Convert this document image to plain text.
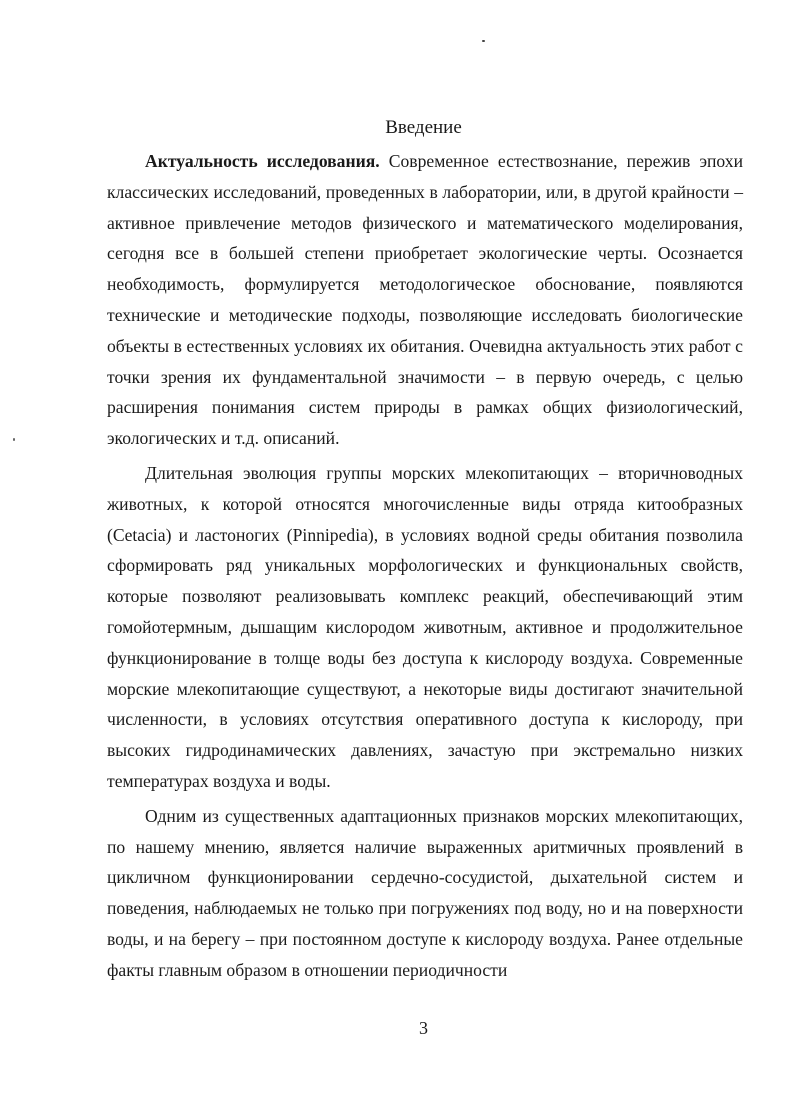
Введение

Актуальность исследования. Современное естествознание, пережив эпохи классических исследований, проведенных в лаборатории, или, в другой крайности – активное привлечение методов физического и математического моделирования, сегодня все в большей степени приобретает экологические черты. Осознается необходимость, формулируется методологическое обоснование, появляются технические и методические подходы, позволяющие исследовать биологические объекты в естественных условиях их обитания. Очевидна актуальность этих работ с точки зрения их фундаментальной значимости – в первую очередь, с целью расширения понимания систем природы в рамках общих физиологический, экологических и т.д. описаний.

Длительная эволюция группы морских млекопитающих – вторичноводных животных, к которой относятся многочисленные виды отряда китообразных (Cetacia) и ластоногих (Pinnipedia), в условиях водной среды обитания позволила сформировать ряд уникальных морфологических и функциональных свойств, которые позволяют реализовывать комплекс реакций, обеспечивающий этим гомойотермным, дышащим кислородом животным, активное и продолжительное функционирование в толще воды без доступа к кислороду воздуха. Современные морские млекопитающие существуют, а некоторые виды достигают значительной численности, в условиях отсутствия оперативного доступа к кислороду, при высоких гидродинамических давлениях, зачастую при экстремально низких температурах воздуха и воды.

Одним из существенных адаптационных признаков морских млекопитающих, по нашему мнению, является наличие выраженных аритмичных проявлений в цикличном функционировании сердечно-сосудистой, дыхательной систем и поведения, наблюдаемых не только при погружениях под воду, но и на поверхности воды, и на берегу – при постоянном доступе к кислороду воздуха. Ранее отдельные факты главным образом в отношении периодичности

3
